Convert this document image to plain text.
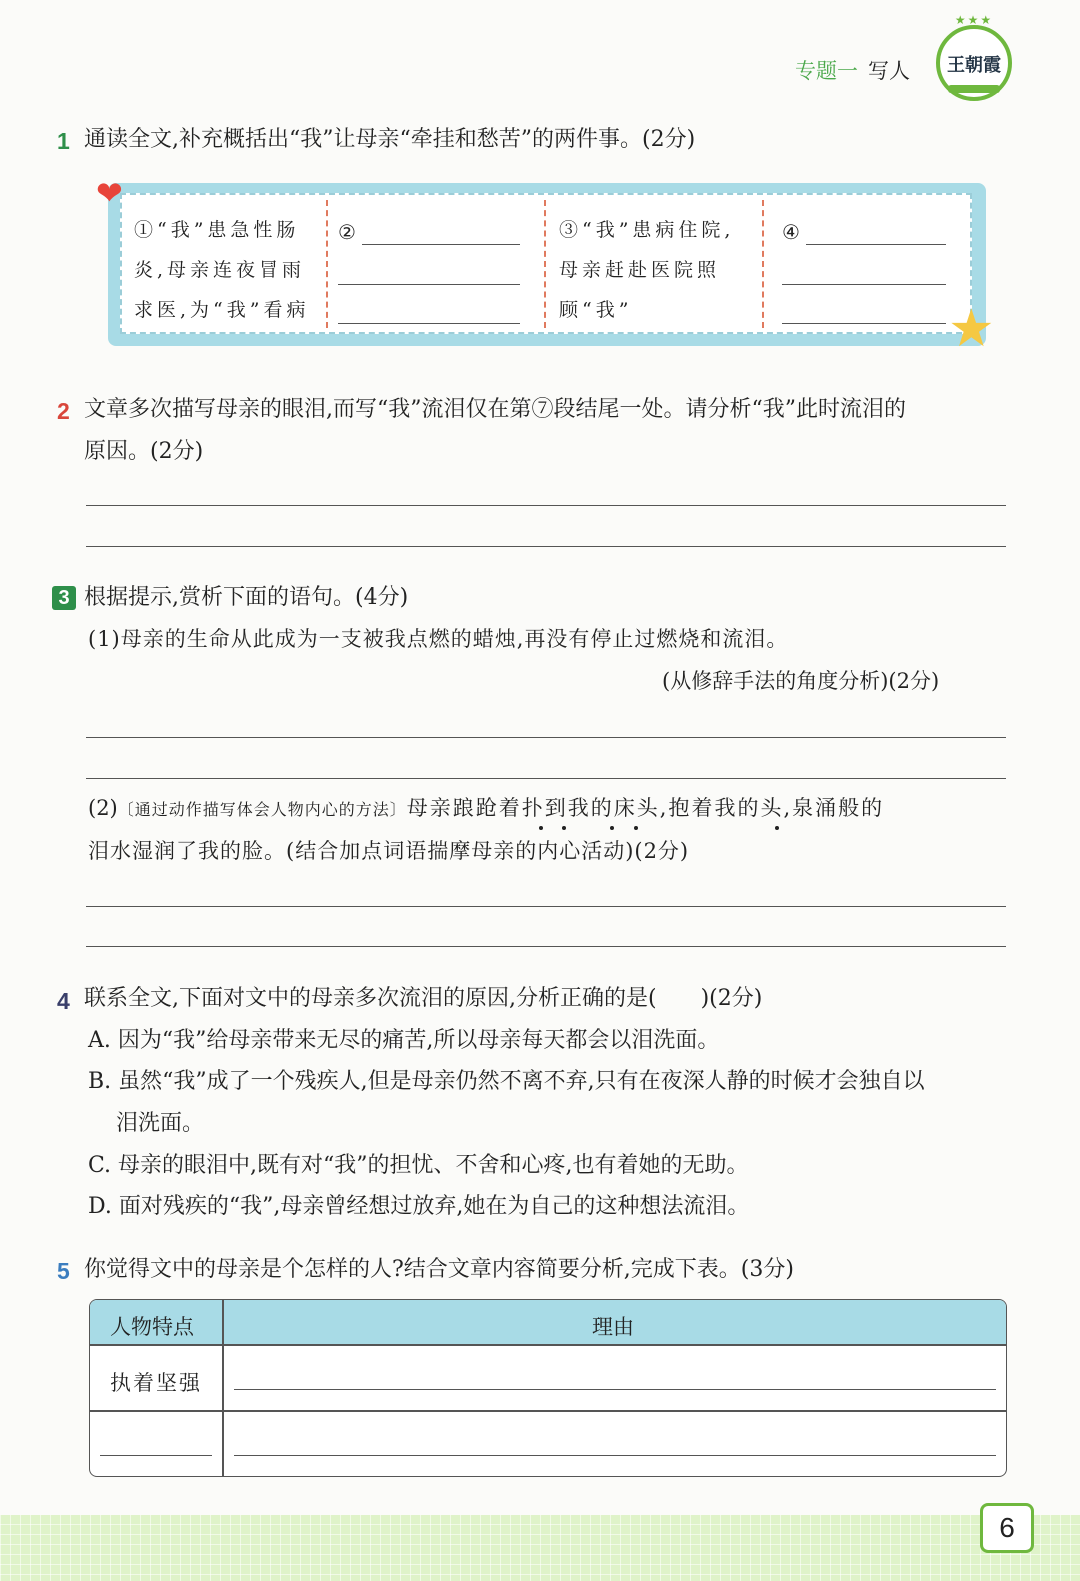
专题一 写人
★★★
王朝霞
1 通读全文,补充概括出“我”让母亲“牵挂和愁苦”的两件事。(2分)
❤
★
①“我”患急性肠
炎,母亲连夜冒雨
求医,为“我”看病
②	③“我”患病住院,
母亲赶赴医院照
顾“我”
④
2 文章多次描写母亲的眼泪,而写“我”流泪仅在第⑦段结尾一处。请分析“我”此时流泪的
原因。(2分)
3 根据提示,赏析下面的语句。(4分)
(1)母亲的生命从此成为一支被我点燃的蜡烛,再没有停止过燃烧和流泪。
(从修辞手法的角度分析)(2分)
(2)〔通过动作描写体会人物内心的方法〕母亲踉跄着扑到我的床头,抱着我的头,泉涌般的
泪水湿润了我的脸。(结合加点词语揣摩母亲的内心活动)(2分)
4 联系全文,下面对文中的母亲多次流泪的原因,分析正确的是(　　)(2分)
A. 因为“我”给母亲带来无尽的痛苦,所以母亲每天都会以泪洗面。
B. 虽然“我”成了一个残疾人,但是母亲仍然不离不弃,只有在夜深人静的时候才会独自以
泪洗面。
C. 母亲的眼泪中,既有对“我”的担忧、不舍和心疼,也有着她的无助。
D. 面对残疾的“我”,母亲曾经想过放弃,她在为自己的这种想法流泪。
5 你觉得文中的母亲是个怎样的人?结合文章内容简要分析,完成下表。(3分)
人物特点	理由
执着坚强
6
